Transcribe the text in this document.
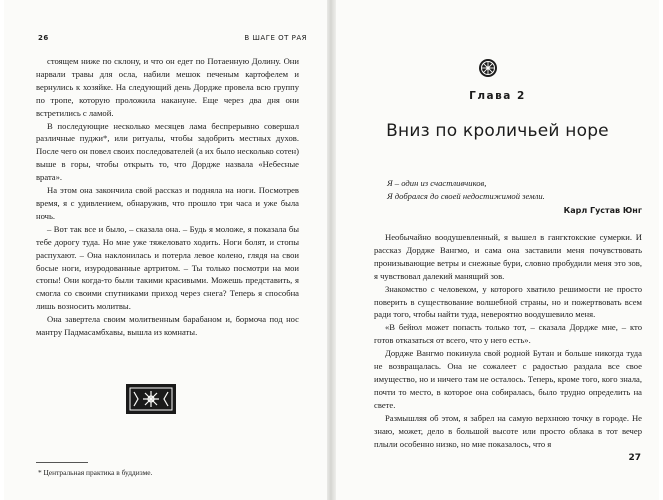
26	В ШАГЕ ОТ РАЯ

стоящем ниже по склону, и что он едет по Потаенную Долину. Они нарвали травы для осла, набили мешок печеным картофелем и вернулись к хозяйке. На следующий день Дордже провела всю группу по тропе, которую проложила накануне. Еще через два дня они встретились с ламой.

В последующие несколько месяцев лама беспрерывно совершал различные пуджи*, или ритуалы, чтобы задобрить местных духов. После чего он повел своих последователей (а их было несколько сотен) выше в горы, чтобы открыть то, что Дордже назвала «Небесные врата».

На этом она закончила свой рассказ и подняла на ноги. Посмотрев время, я с удивлением, обнаружив, что прошло три часа и уже была ночь.

– Вот так все и было, – сказала она. – Будь я моложе, я показала бы тебе дорогу туда. Но мне уже тяжеловато ходить. Ноги болят, и стопы распухают. – Она наклонилась и потерла левое колено, глядя на свои босые ноги, изуродованные артритом. – Ты только посмотри на мои стопы! Они когда-то были такими красивыми. Можешь представить, я смогла со своими спутниками приход через снега? Теперь я способна лишь возносить молитвы.

Она завертела своим молитвенным барабаном и, бормоча под нос мантру Падмасамбхавы, вышла из комнаты.

* Центральная практика в буддизме.

Глава 2
Вниз по кроличьей норе

Я – один из счастливчиков,

Я добрался до своей недостижимой земли.

Карл Густав Юнг

Необычайно воодушевленный, я вышел в гангктокские сумерки. И рассказ Дордже Вангмо, и сама она заставили меня почувствовать пронизывающие ветры и снежные бури, словно пробудили меня это зов, я чувствовал далекий манящий зов.

Знакомство с человеком, у которого хватило решимости не просто поверить в существование волшебной страны, но и пожертвовать всем ради того, чтобы найти туда, невероятно воодушевило меня.

«В бейюл может попасть только тот, – сказала Дордже мне, – кто готов отказаться от всего, что у него есть».

Дордже Вангмо покинула свой родной Бутан и больше никогда туда не возвращалась. Она не сожалеет с радостью раздала все свое имущество, но и ничего там не осталось. Теперь, кроме того, кого знала, почти то место, в которое она собиралась, было трудно определить на свете.

Размышляя об этом, я забрел на самую верхнюю точку в городе. Не знаю, может, дело в большой высоте или просто облака в тот вечер плыли особенно низко, но мне показалось, что я

27
